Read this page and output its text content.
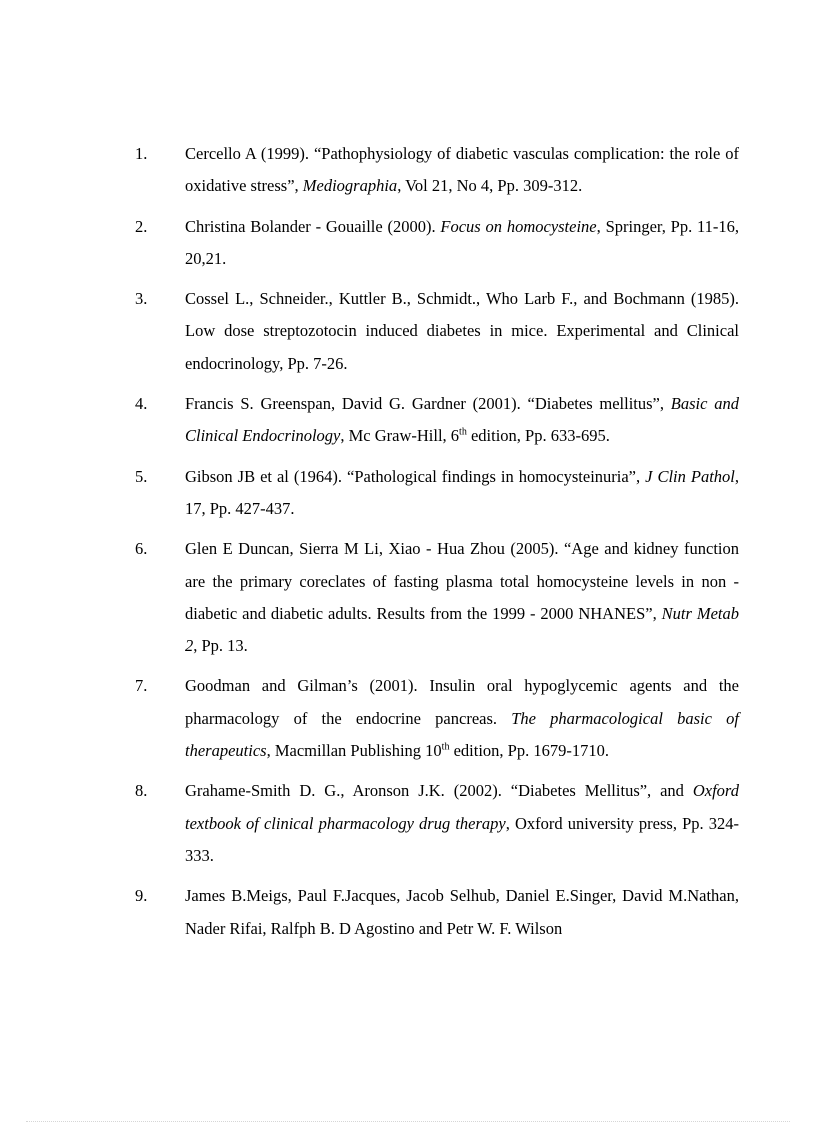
1.	Cercello A (1999). “Pathophysiology of diabetic vasculas complication: the role of oxidative stress”, Mediographia, Vol 21, No 4, Pp. 309-312.
2.	Christina Bolander - Gouaille (2000). Focus on homocysteine, Springer, Pp. 11-16, 20,21.
3.	Cossel L., Schneider., Kuttler B., Schmidt., Who Larb F., and Bochmann (1985). Low dose streptozotocin induced diabetes in mice. Experimental and Clinical endocrinology, Pp. 7-26.
4.	Francis S. Greenspan, David G. Gardner (2001). “Diabetes mellitus”, Basic and Clinical Endocrinology, Mc Graw-Hill, 6th edition, Pp. 633-695.
5.	Gibson JB et al (1964). “Pathological findings in homocysteinuria”, J Clin Pathol, 17, Pp. 427-437.
6.	Glen E Duncan, Sierra M Li, Xiao - Hua Zhou (2005). “Age and kidney function are the primary coreclates of fasting plasma total homocysteine levels in non - diabetic and diabetic adults. Results from the 1999 - 2000 NHANES”, Nutr Metab 2, Pp. 13.
7.	Goodman and Gilman’s (2001). Insulin oral hypoglycemic agents and the pharmacology of the endocrine pancreas. The pharmacological basic of therapeutics, Macmillan Publishing 10th edition, Pp. 1679-1710.
8.	Grahame-Smith D. G., Aronson J.K. (2002). “Diabetes Mellitus”, and Oxford textbook of clinical pharmacology drug therapy, Oxford university press, Pp. 324-333.
9.	James B.Meigs, Paul F.Jacques, Jacob Selhub, Daniel E.Singer, David M.Nathan, Nader Rifai, Ralfph B. D Agostino and Petr W. F. Wilson
